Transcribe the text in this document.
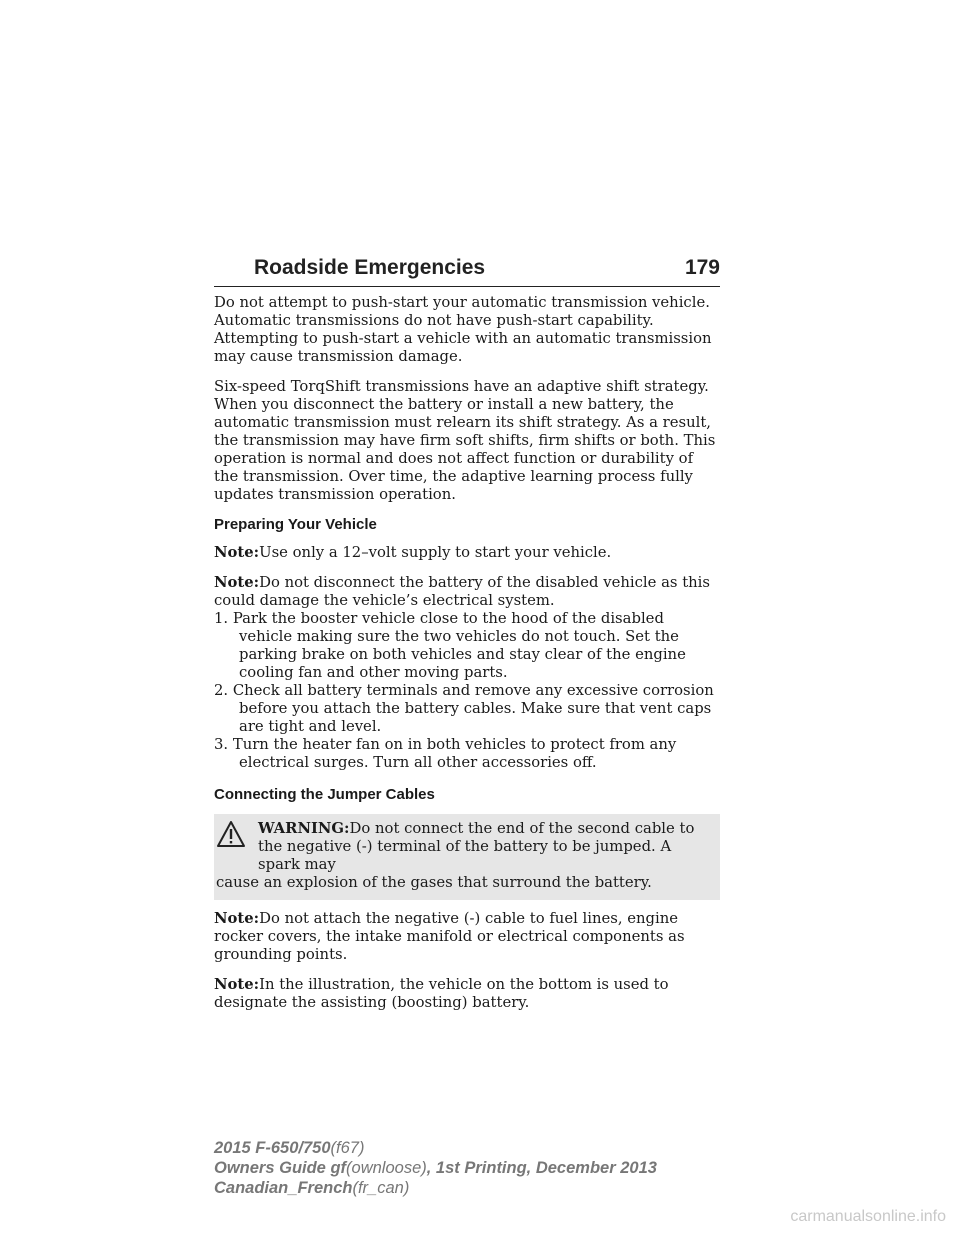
Roadside Emergencies	179

Do not attempt to push-start your automatic transmission vehicle. Automatic transmissions do not have push-start capability. Attempting to push-start a vehicle with an automatic transmission may cause transmission damage.

Six-speed TorqShift transmissions have an adaptive shift strategy. When you disconnect the battery or install a new battery, the automatic transmission must relearn its shift strategy. As a result, the transmission may have firm soft shifts, firm shifts or both. This operation is normal and does not affect function or durability of the transmission. Over time, the adaptive learning process fully updates transmission operation.

Preparing Your Vehicle

Note:Use only a 12–volt supply to start your vehicle.

Note:Do not disconnect the battery of the disabled vehicle as this could damage the vehicle’s electrical system.

1. Park the booster vehicle close to the hood of the disabled vehicle making sure the two vehicles do not touch. Set the parking brake on both vehicles and stay clear of the engine cooling fan and other moving parts.
2. Check all battery terminals and remove any excessive corrosion before you attach the battery cables. Make sure that vent caps are tight and level.
3. Turn the heater fan on in both vehicles to protect from any electrical surges. Turn all other accessories off.
Connecting the Jumper Cables
WARNING:Do not connect the end of the second cable to the negative (-) terminal of the battery to be jumped. A spark may
cause an explosion of the gases that surround the battery.

Note:Do not attach the negative (-) cable to fuel lines, engine rocker covers, the intake manifold or electrical components as grounding points.

Note:In the illustration, the vehicle on the bottom is used to designate the assisting (boosting) battery.

2015 F-650/750(f67)
Owners Guide gf(ownloose), 1st Printing, December 2013
Canadian_French(fr_can)
carmanualsonline.info
